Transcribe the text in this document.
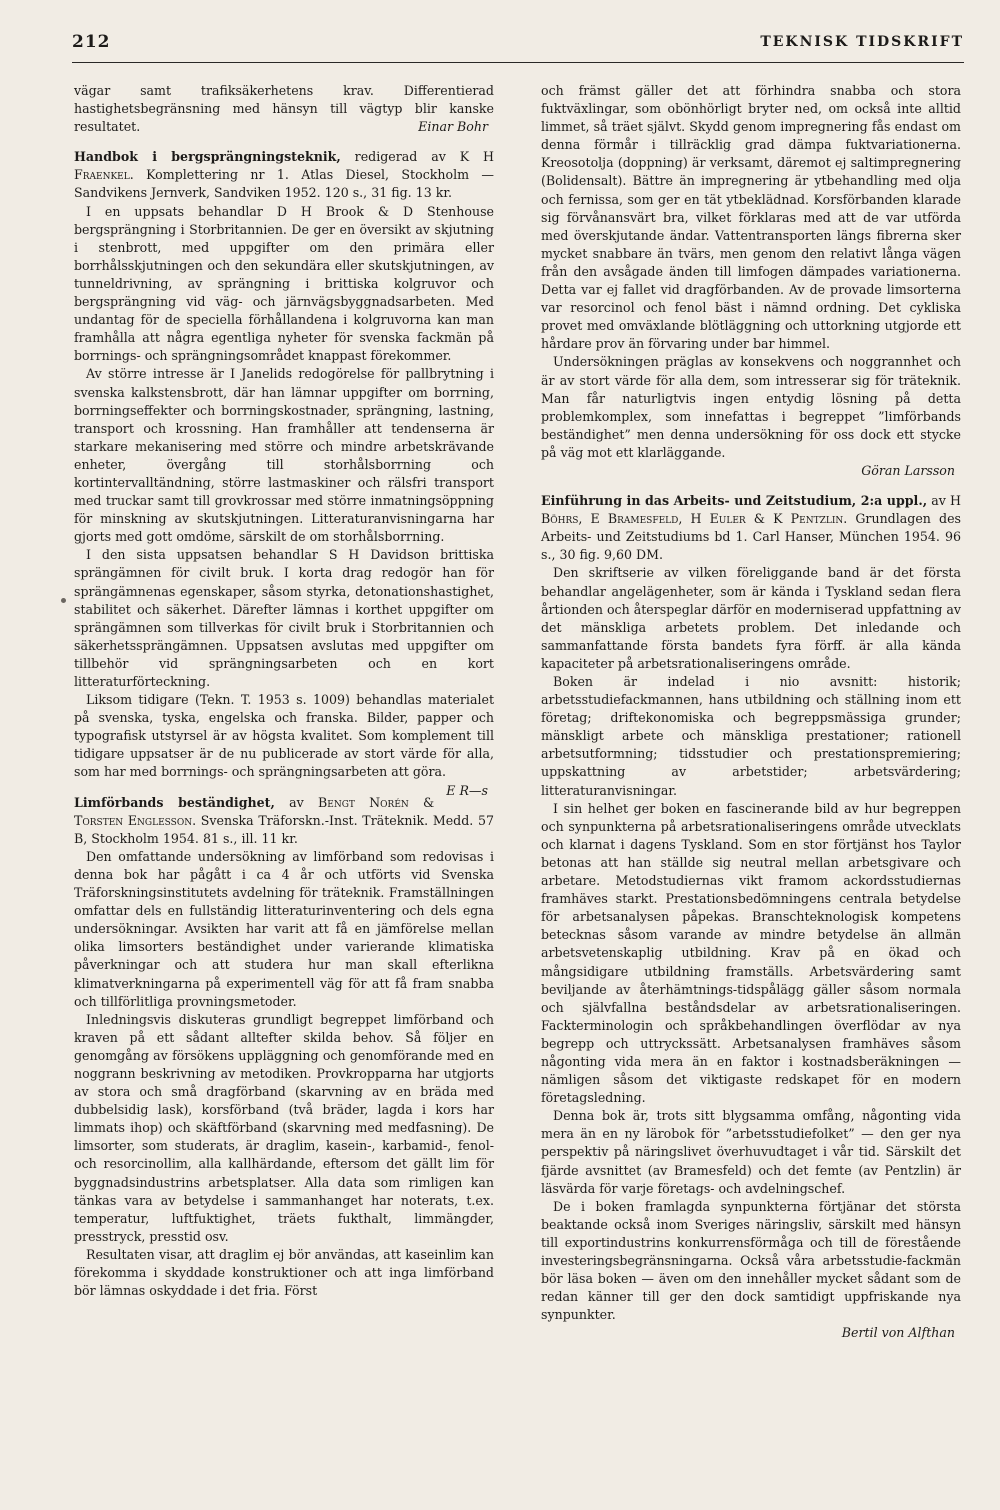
212	TEKNISK TIDSKRIFT

vägar samt trafiksäkerhetens krav. Differentierad hastighetsbegränsning med hänsyn till vägtyp blir kanske resultatet.	Einar Bohr

Handbok i bergsprängningsteknik, redigerad av K H Fraenkel. Komplettering nr 1. Atlas Diesel, Stockholm — Sandvikens Jernverk, Sandviken 1952. 120 s., 31 fig. 13 kr.

I en uppsats behandlar D H Brook & D Stenhouse bergsprängning i Storbritannien. De ger en översikt av skjutning i stenbrott, med uppgifter om den primära eller borrhålsskjutningen och den sekundära eller skutskjutningen, av tunneldrivning, av sprängning i brittiska kolgruvor och bergsprängning vid väg- och järnvägsbyggnadsarbeten. Med undantag för de speciella förhållandena i kolgruvorna kan man framhålla att några egentliga nyheter för svenska fackmän på borrnings- och sprängningsområdet knappast förekommer.

Av större intresse är I Janelids redogörelse för pallbrytning i svenska kalkstensbrott, där han lämnar uppgifter om borrning, borrningseffekter och borrningskostnader, sprängning, lastning, transport och krossning. Han framhåller att tendenserna är starkare mekanisering med större och mindre arbetskrävande enheter, övergång till storhålsborrning och kortintervalltändning, större lastmaskiner och rälsfri transport med truckar samt till grovkrossar med större inmatningsöppning för minskning av skutskjutningen. Litteraturanvisningarna har gjorts med gott omdöme, särskilt de om storhålsborrning.

I den sista uppsatsen behandlar S H Davidson brittiska sprängämnen för civilt bruk. I korta drag redogör han för sprängämnenas egenskaper, såsom styrka, detonationshastighet, stabilitet och säkerhet. Därefter lämnas i korthet uppgifter om sprängämnen som tillverkas för civilt bruk i Storbritannien och säkerhetssprängämnen. Uppsatsen avslutas med uppgifter om tillbehör vid sprängningsarbeten och en kort litteraturförteckning.

Liksom tidigare (Tekn. T. 1953 s. 1009) behandlas materialet på svenska, tyska, engelska och franska. Bilder, papper och typografisk utstyrsel är av högsta kvalitet. Som komplement till tidigare uppsatser är de nu publicerade av stort värde för alla, som har med borrnings- och sprängningsarbeten att göra.
E R—s

Limförbands beständighet, av Bengt Norén & Torsten Englesson. Svenska Träforskn.-Inst. Träteknik. Medd. 57 B, Stockholm 1954. 81 s., ill. 11 kr.

Den omfattande undersökning av limförband som redovisas i denna bok har pågått i ca 4 år och utförts vid Svenska Träforskningsinstitutets avdelning för träteknik. Framställningen omfattar dels en fullständig litteraturinventering och dels egna undersökningar. Avsikten har varit att få en jämförelse mellan olika limsorters beständighet under varierande klimatiska påverkningar och att studera hur man skall efterlikna klimatverkningarna på experimentell väg för att få fram snabba och tillförlitliga provningsmetoder.

Inledningsvis diskuteras grundligt begreppet limförband och kraven på ett sådant alltefter skilda behov. Så följer en genomgång av försökens uppläggning och genomförande med en noggrann beskrivning av metodiken. Provkropparna har utgjorts av stora och små dragförband (skarvning av en bräda med dubbelsidig lask), korsförband (två bräder, lagda i kors har limmats ihop) och skäftförband (skarvning med medfasning). De limsorter, som studerats, är draglim, kasein-, karbamid-, fenol- och resorcinollim, alla kallhärdande, eftersom det gällt lim för byggnadsindustrins arbetsplatser. Alla data som rimligen kan tänkas vara av betydelse i sammanhanget har noterats, t.ex. temperatur, luftfuktighet, träets fukthalt, limmängder, presstryck, presstid osv.

Resultaten visar, att draglim ej bör användas, att kaseinlim kan förekomma i skyddade konstruktioner och att inga limförband bör lämnas oskyddade i det fria. Först

och främst gäller det att förhindra snabba och stora fuktväxlingar, som obönhörligt bryter ned, om också inte alltid limmet, så träet självt. Skydd genom impregnering fås endast om denna förmår i tillräcklig grad dämpa fuktvariationerna. Kreosotolja (doppning) är verksamt, däremot ej saltimpregnering (Bolidensalt). Bättre än impregnering är ytbehandling med olja och fernissa, som ger en tät ytbeklädnad. Korsförbanden klarade sig förvånansvärt bra, vilket förklaras med att de var utförda med överskjutande ändar. Vattentransporten längs fibrerna sker mycket snabbare än tvärs, men genom den relativt långa vägen från den avsågade änden till limfogen dämpades variationerna. Detta var ej fallet vid dragförbanden. Av de provade limsorterna var resorcinol och fenol bäst i nämnd ordning. Det cykliska provet med omväxlande blötläggning och uttorkning utgjorde ett hårdare prov än förvaring under bar himmel.

Undersökningen präglas av konsekvens och noggrannhet och är av stort värde för alla dem, som intresserar sig för träteknik. Man får naturligtvis ingen entydig lösning på detta problemkomplex, som innefattas i begreppet ”limförbands beständighet” men denna undersökning för oss dock ett stycke på väg mot ett klarläggande.

Göran Larsson

Einführung in das Arbeits- und Zeitstudium, 2:a uppl., av H Böhrs, E Bramesfeld, H Euler & K Pentzlin. Grundlagen des Arbeits- und Zeitstudiums bd 1. Carl Hanser, München 1954. 96 s., 30 fig. 9,60 DM.

Den skriftserie av vilken föreliggande band är det första behandlar angelägenheter, som är kända i Tyskland sedan flera årtionden och återspeglar därför en moderniserad uppfattning av det mänskliga arbetets problem. Det inledande och sammanfattande första bandets fyra förff. är alla kända kapaciteter på arbetsrationaliseringens område.

Boken är indelad i nio avsnitt: historik; arbetsstudiefackmannen, hans utbildning och ställning inom ett företag; driftekonomiska och begreppsmässiga grunder; mänskligt arbete och mänskliga prestationer; rationell arbetsutformning; tidsstudier och prestationspremiering; uppskattning av arbetstider; arbetsvärdering; litteraturanvisningar.

I sin helhet ger boken en fascinerande bild av hur begreppen och synpunkterna på arbetsrationaliseringens område utvecklats och klarnat i dagens Tyskland. Som en stor förtjänst hos Taylor betonas att han ställde sig neutral mellan arbetsgivare och arbetare. Metodstudiernas vikt framom ackordsstudiernas framhäves starkt. Prestationsbedömningens centrala betydelse för arbetsanalysen påpekas. Branschteknologisk kompetens betecknas såsom varande av mindre betydelse än allmän arbetsvetenskaplig utbildning. Krav på en ökad och mångsidigare utbildning framställs. Arbetsvärdering samt beviljande av återhämtnings-tidspålägg gäller såsom normala och självfallna beståndsdelar av arbetsrationaliseringen. Fackterminologin och språkbehandlingen överflödar av nya begrepp och uttryckssätt. Arbetsanalysen framhäves såsom någonting vida mera än en faktor i kostnadsberäkningen — nämligen såsom det viktigaste redskapet för en modern företagsledning.

Denna bok är, trots sitt blygsamma omfång, någonting vida mera än en ny lärobok för ”arbetsstudiefolket” — den ger nya perspektiv på näringslivet överhuvudtaget i vår tid. Särskilt det fjärde avsnittet (av Bramesfeld) och det femte (av Pentzlin) är läsvärda för varje företags- och avdelningschef.

De i boken framlagda synpunkterna förtjänar det största beaktande också inom Sveriges näringsliv, särskilt med hänsyn till exportindustrins konkurrensförmåga och till de förestående investeringsbegränsningarna. Också våra arbetsstudie-fackmän bör läsa boken — även om den innehåller mycket sådant som de redan känner till ger den dock samtidigt uppfriskande nya synpunkter.

Bertil von Alfthan
